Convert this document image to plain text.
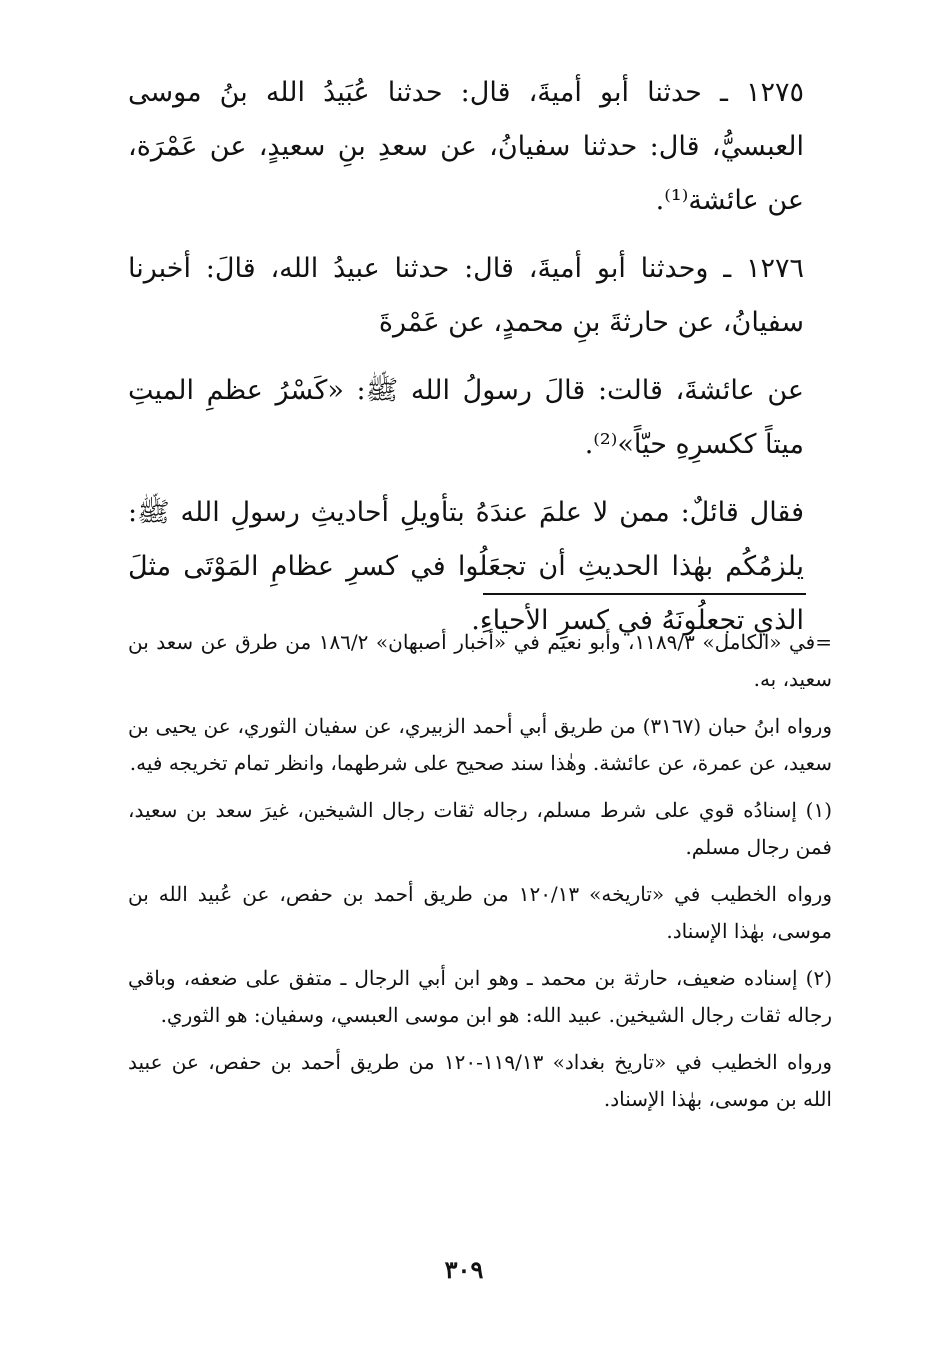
١٢٧٥ ـ حدثنا أبو أميةَ، قال: حدثنا عُبَيدُ الله بنُ موسى العبسيُّ، قال: حدثنا سفيانُ، عن سعدِ بنِ سعيدٍ، عن عَمْرَة، عن عائشة⁽¹⁾.

١٢٧٦ ـ وحدثنا أبو أميةَ، قال: حدثنا عبيدُ الله، قالَ: أخبرنا سفيانُ، عن حارثةَ بنِ محمدٍ، عن عَمْرةَ

عن عائشةَ، قالت: قالَ رسولُ الله ﷺ: «كَسْرُ عظمِ الميتِ ميتاً ككسرِهِ حيّاً»⁽²⁾.

فقال قائلٌ: ممن لا علمَ عندَهُ بتأويلِ أحاديثِ رسولِ الله ﷺ: يلزمُكُم بهٰذا الحديثِ أن تجعَلُوا في كسرِ عظامِ المَوْتَى مثلَ الذي تجعلُونَهُ في كسرِ الأحياءِ.

=في «الكامل» ١١٨٩/٣، وأبو نعيم في «أخبار أصبهان» ١٨٦/٢ من طرق عن سعد بن سعيد، به.

ورواه ابنُ حبان (٣١٦٧) من طريق أبي أحمد الزبيري، عن سفيان الثوري، عن يحيى بن سعيد، عن عمرة، عن عائشة. وهٰذا سند صحيح على شرطهما، وانظر تمام تخريجه فيه.

(١) إسنادُه قوي على شرط مسلم، رجاله ثقات رجال الشيخين، غيرَ سعد بن سعيد، فمن رجال مسلم.

ورواه الخطيب في «تاريخه» ١٢٠/١٣ من طريق أحمد بن حفص، عن عُبيد الله بن موسى، بهٰذا الإسناد.

(٢) إسناده ضعيف، حارثة بن محمد ـ وهو ابن أبي الرجال ـ متفق على ضعفه، وباقي رجاله ثقات رجال الشيخين. عبيد الله: هو ابن موسى العبسي، وسفيان: هو الثوري.

ورواه الخطيب في «تاريخ بغداد» ١١٩/١٣-١٢٠ من طريق أحمد بن حفص، عن عبيد الله بن موسى، بهٰذا الإسناد.

٣٠٩
